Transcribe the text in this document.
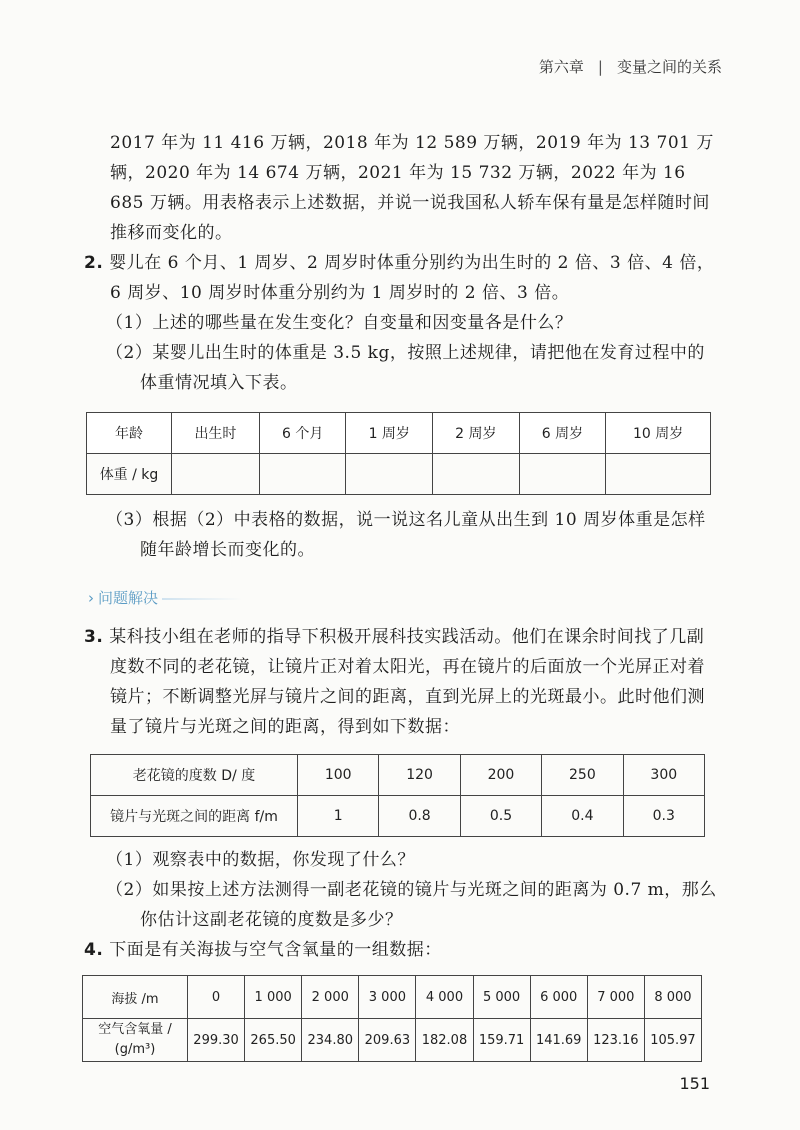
第六章 | 变量之间的关系

2017 年为 11 416 万辆，2018 年为 12 589 万辆，2019 年为 13 701 万辆，2020 年为 14 674 万辆，2021 年为 15 732 万辆，2022 年为 16 685 万辆。用表格表示上述数据，并说一说我国私人轿车保有量是怎样随时间推移而变化的。

2. 婴儿在 6 个月、1 周岁、2 周岁时体重分别约为出生时的 2 倍、3 倍、4 倍，6 周岁、10 周岁时体重分别约为 1 周岁时的 2 倍、3 倍。

（1）上述的哪些量在发生变化？自变量和因变量各是什么？

（2）某婴儿出生时的体重是 3.5 kg，按照上述规律，请把他在发育过程中的体重情况填入下表。

年龄	出生时	6 个月	1 周岁	2 周岁	6 周岁	10 周岁
体重 / kg						

（3）根据（2）中表格的数据，说一说这名儿童从出生到 10 周岁体重是怎样随年龄增长而变化的。

› 问题解决

3. 某科技小组在老师的指导下积极开展科技实践活动。他们在课余时间找了几副度数不同的老花镜，让镜片正对着太阳光，再在镜片的后面放一个光屏正对着镜片；不断调整光屏与镜片之间的距离，直到光屏上的光斑最小。此时他们测量了镜片与光斑之间的距离，得到如下数据：

老花镜的度数 D/ 度	100	120	200	250	300
镜片与光斑之间的距离 f/m	1	0.8	0.5	0.4	0.3

（1）观察表中的数据，你发现了什么？

（2）如果按上述方法测得一副老花镜的镜片与光斑之间的距离为 0.7 m，那么你估计这副老花镜的度数是多少？

4. 下面是有关海拔与空气含氧量的一组数据：

海拔 /m	0	1 000	2 000	3 000	4 000	5 000	6 000	7 000	8 000
空气含氧量 / (g/m³)	299.30	265.50	234.80	209.63	182.08	159.71	141.69	123.16	105.97
151
